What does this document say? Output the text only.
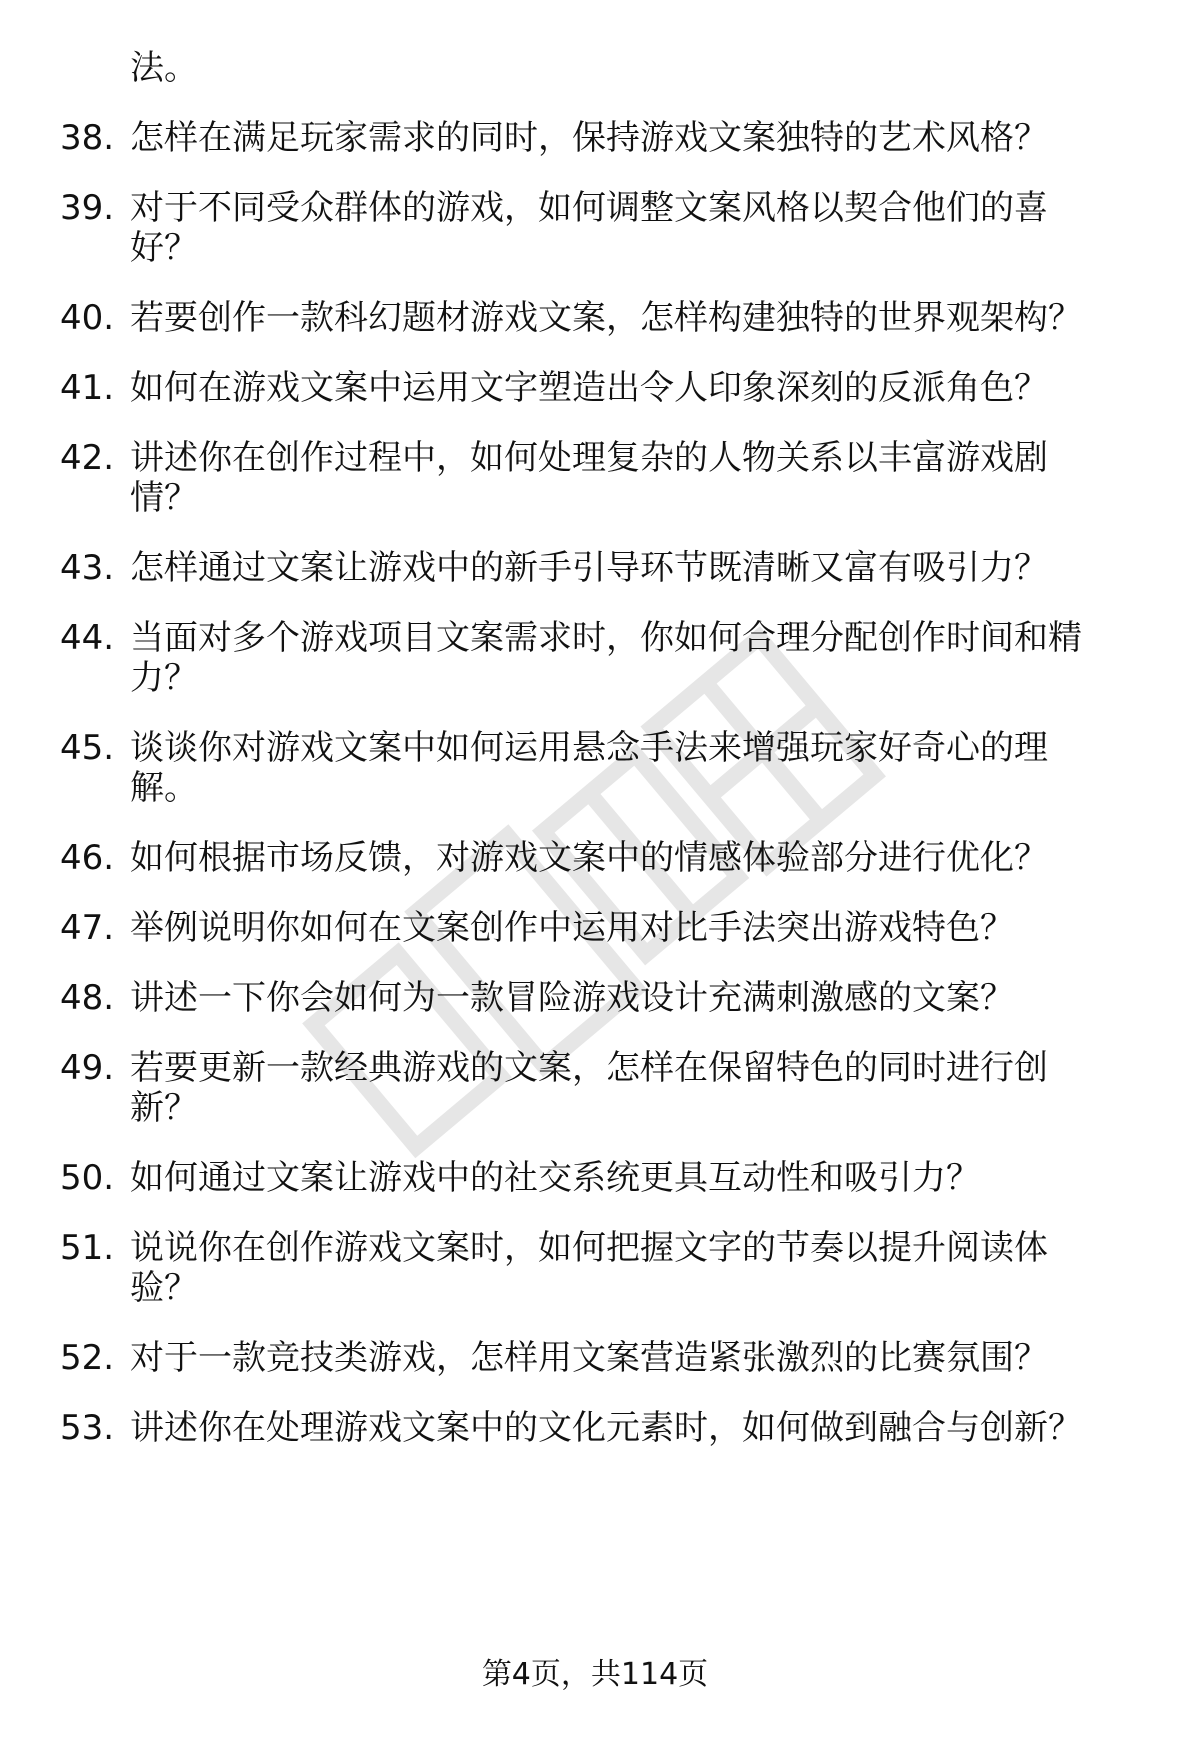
法。
38. 怎样在满足玩家需求的同时，保持游戏文案独特的艺术风格？
39. 对于不同受众群体的游戏，如何调整文案风格以契合他们的喜
好？
40. 若要创作一款科幻题材游戏文案，怎样构建独特的世界观架构？
41. 如何在游戏文案中运用文字塑造出令人印象深刻的反派角色？
42. 讲述你在创作过程中，如何处理复杂的人物关系以丰富游戏剧
情？
43. 怎样通过文案让游戏中的新手引导环节既清晰又富有吸引力？
44. 当面对多个游戏项目文案需求时，你如何合理分配创作时间和精
力？
45. 谈谈你对游戏文案中如何运用悬念手法来增强玩家好奇心的理
解。
46. 如何根据市场反馈，对游戏文案中的情感体验部分进行优化？
47. 举例说明你如何在文案创作中运用对比手法突出游戏特色？
48. 讲述一下你会如何为一款冒险游戏设计充满刺激感的文案？
49. 若要更新一款经典游戏的文案，怎样在保留特色的同时进行创
新？
50. 如何通过文案让游戏中的社交系统更具互动性和吸引力？
51. 说说你在创作游戏文案时，如何把握文字的节奏以提升阅读体
验？
52. 对于一款竞技类游戏，怎样用文案营造紧张激烈的比赛氛围？
53. 讲述你在处理游戏文案中的文化元素时，如何做到融合与创新？
第4页，共114页
